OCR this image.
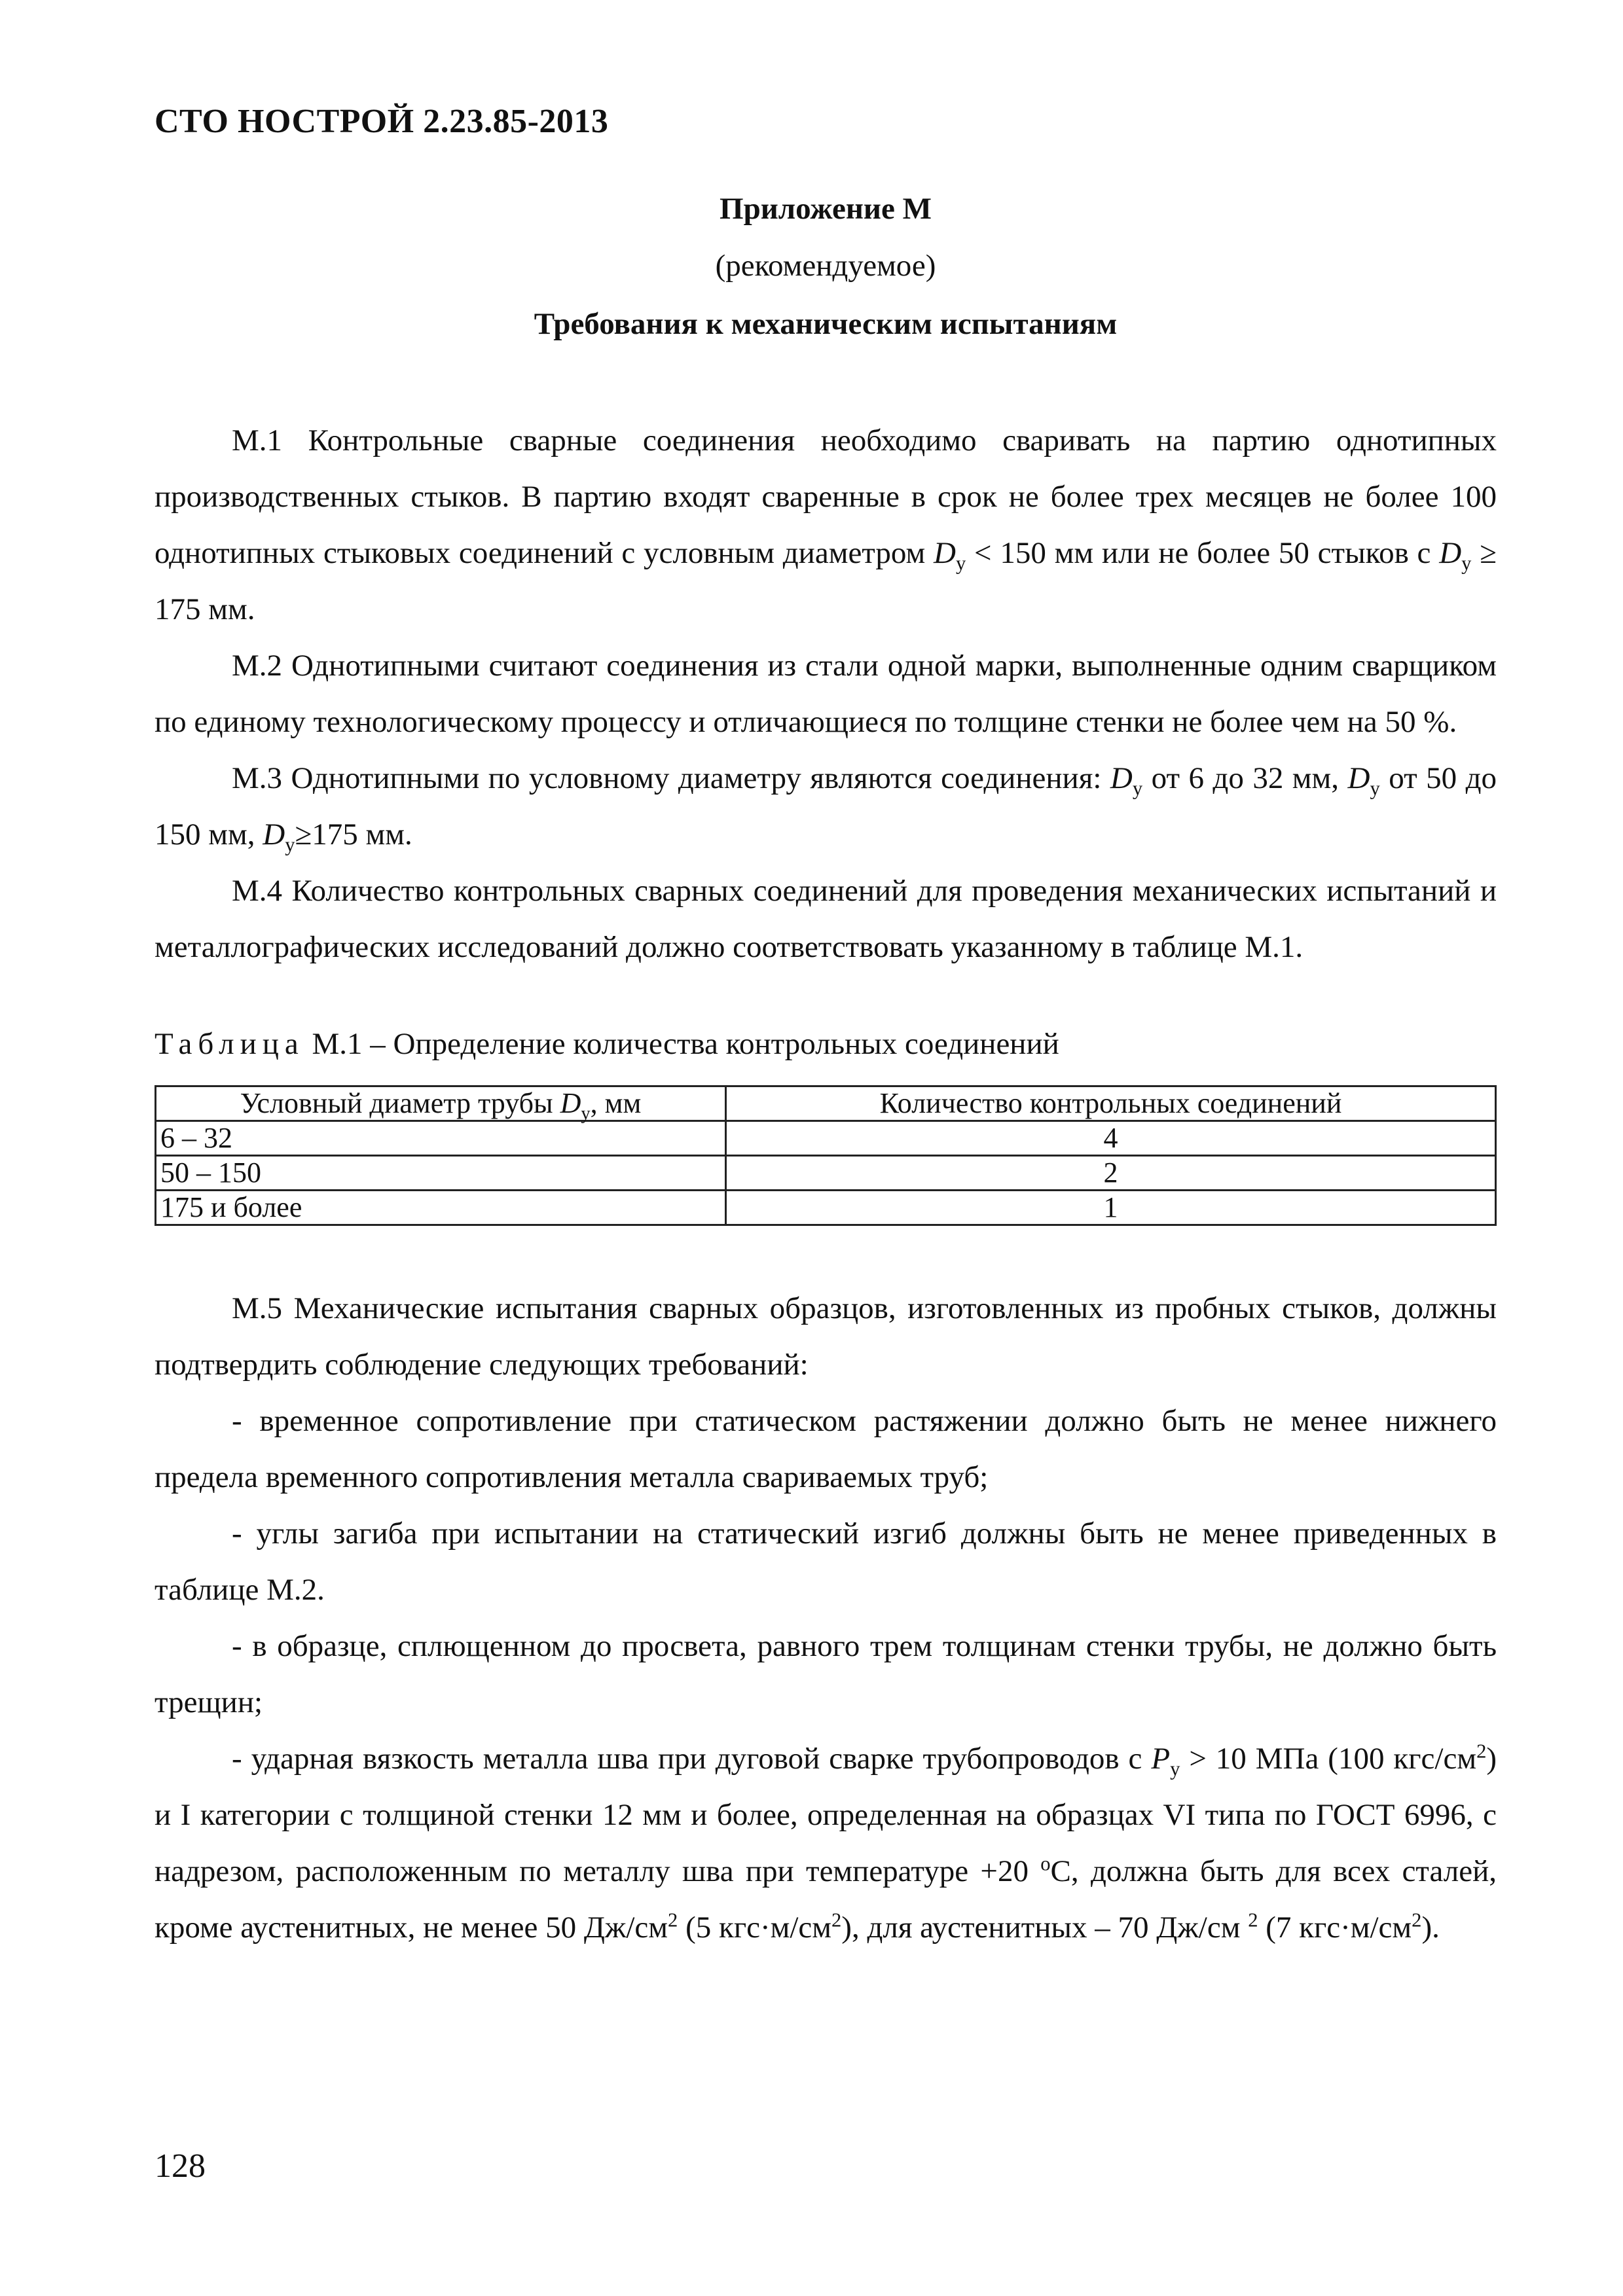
СТО НОСТРОЙ 2.23.85-2013
Приложение М
(рекомендуемое)
Требования к механическим испытаниям

М.1 Контрольные сварные соединения необходимо сваривать на партию однотипных производственных стыков. В партию входят сваренные в срок не более трех месяцев не более 100 однотипных стыковых соединений с условным диаметром $D_у < 150$ мм или не более 50 стыков с $D_у \ge 175$ мм.

М.2 Однотипными считают соединения из стали одной марки, выполненные одним сварщиком по единому технологическому процессу и отличающиеся по толщине стенки не более чем на 50 %.

М.3 Однотипными по условному диаметру являются соединения: $D_у$ от 6 до 32 мм, $D_у$ от 50 до 150 мм, $D_у\ge 175$ мм.

М.4 Количество контрольных сварных соединений для проведения механических испытаний и металлографических исследований должно соответствовать указанному в таблице М.1.

Таблица М.1 – Определение количества контрольных соединений
Условный диаметр трубы $D_у$, мм	Количество контрольных соединений
6 – 32	4
50 – 150	2
175 и более	1

М.5 Механические испытания сварных образцов, изготовленных из пробных стыков, должны подтвердить соблюдение следующих требований:

- временное сопротивление при статическом растяжении должно быть не менее нижнего предела временного сопротивления металла свариваемых труб;

- углы загиба при испытании на статический изгиб должны быть не менее приведенных в таблице М.2.

- в образце, сплющенном до просвета, равного трем толщинам стенки трубы, не должно быть трещин;

- ударная вязкость металла шва при дуговой сварке трубопроводов с $P_у > 10$ МПа (100 кгс/$см^2$) и I категории с толщиной стенки 12 мм и более, определенная на образцах VI типа по ГОСТ 6996, с надрезом, расположенным по металлу шва при температуре +20 $^o$С, должна быть для всех сталей, кроме аустенитных, не менее 50 $Дж/см^2$ (5 $кгс\cdot м/см^2$), для аустенитных – 70 Дж/см $^2$ (7 $кгс\cdot м/см^2$).

128
